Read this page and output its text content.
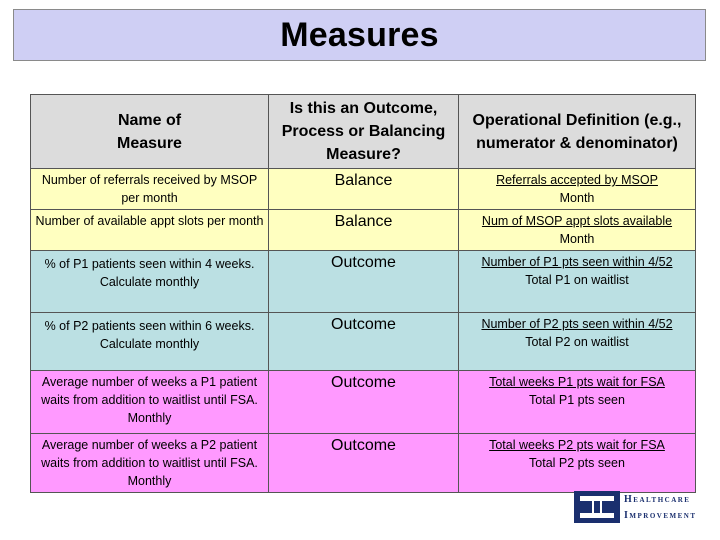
Measures
Name of
Measure	Is this an Outcome, Process or Balancing Measure?	Operational Definition (e.g., numerator & denominator)
Number of referrals received by MSOP per month	Balance	Referrals accepted by MSOP
Month

Number of available appt slots per month	Balance	Num of MSOP appt slots available
Month

% of P1 patients seen within 4 weeks. Calculate monthly	Outcome	Number of P1 pts seen within 4/52
Total P1 on waitlist

% of P2 patients seen within 6 weeks. Calculate monthly	Outcome	Number of P2 pts seen within 4/52
Total P2 on waitlist

Average number of weeks a P1 patient waits from addition to waitlist until FSA. Monthly	Outcome	Total weeks P1 pts wait for FSA
Total P1 pts seen

Average number of weeks a P2 patient waits from addition to waitlist until FSA. Monthly	Outcome	Total weeks P2 pts wait for FSA
Total P2 pts seen
Healthcare
Improvement
